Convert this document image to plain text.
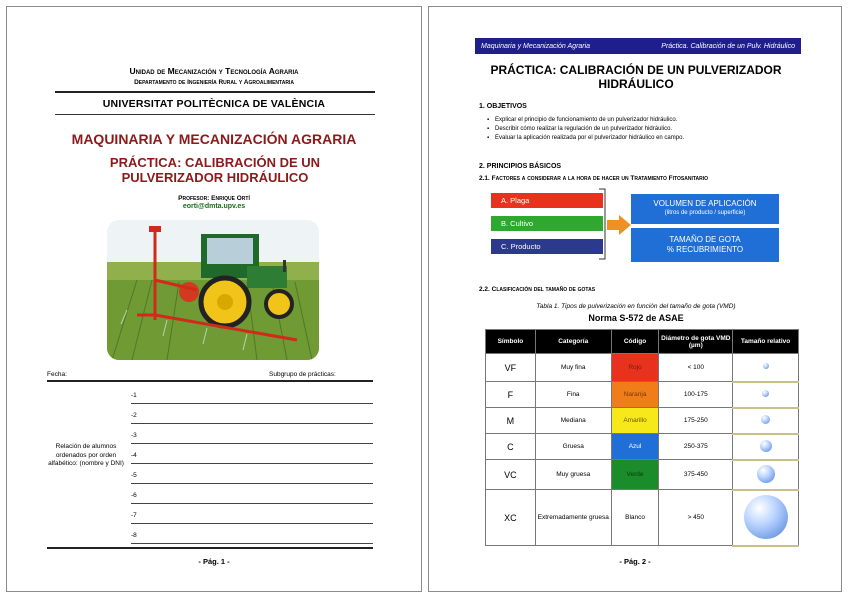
Unidad de Mecanización y Tecnología Agraria
Departamento de Ingeniería Rural y Agroalimentaria
UNIVERSITAT POLITÈCNICA DE VALÈNCIA
MAQUINARIA Y MECANIZACIÓN AGRARIA
PRÁCTICA: CALIBRACIÓN DE UN PULVERIZADOR HIDRÁULICO
Profesor: Enrique Ortí
eorti@dmta.upv.es
Fecha:	Subgrupo de prácticas:
-1
-2
-3
-4
-5
-6
-7
-8
Relación de alumnos ordenados por orden alfabético: (nombre y DNI)
- Pág. 1 -
Maquinaria y Mecanización Agraria	Práctica. Calibración de un Pulv. Hidráulico
PRÁCTICA: CALIBRACIÓN DE UN PULVERIZADOR HIDRÁULICO
1. OBJETIVOS
▪ Explicar el principio de funcionamiento de un pulverizador hidráulico.
▪ Describir cómo realizar la regulación de un pulverizador hidráulico.
▪ Evaluar la aplicación realizada por el pulverizador hidráulico en campo.
2. PRINCIPIOS BÁSICOS
2.1. Factores a considerar a la hora de hacer un Tratamiento Fitosanitario
A. Plaga
B. Cultivo
C. Producto
VOLUMEN DE APLICACIÓN
(litros de producto / superficie)
TAMAÑO DE GOTA
% RECUBRIMIENTO
2.2. Clasificación del tamaño de gotas
Tabla 1. Tipos de pulverización en función del tamaño de gota (VMD)
Norma S-572 de ASAE
Símbolo	Categoría	Código	Diámetro de gota VMD (µm)	Tamaño relativo
VF	Muy fina	Rojo	< 100	
F	Fina	Naranja	100-175	
M	Mediana	Amarillo	175-250	
C	Gruesa	Azul	250-375	
VC	Muy gruesa	Verde	375-450	
XC	Extremadamente gruesa	Blanco	> 450	
- Pág. 2 -
